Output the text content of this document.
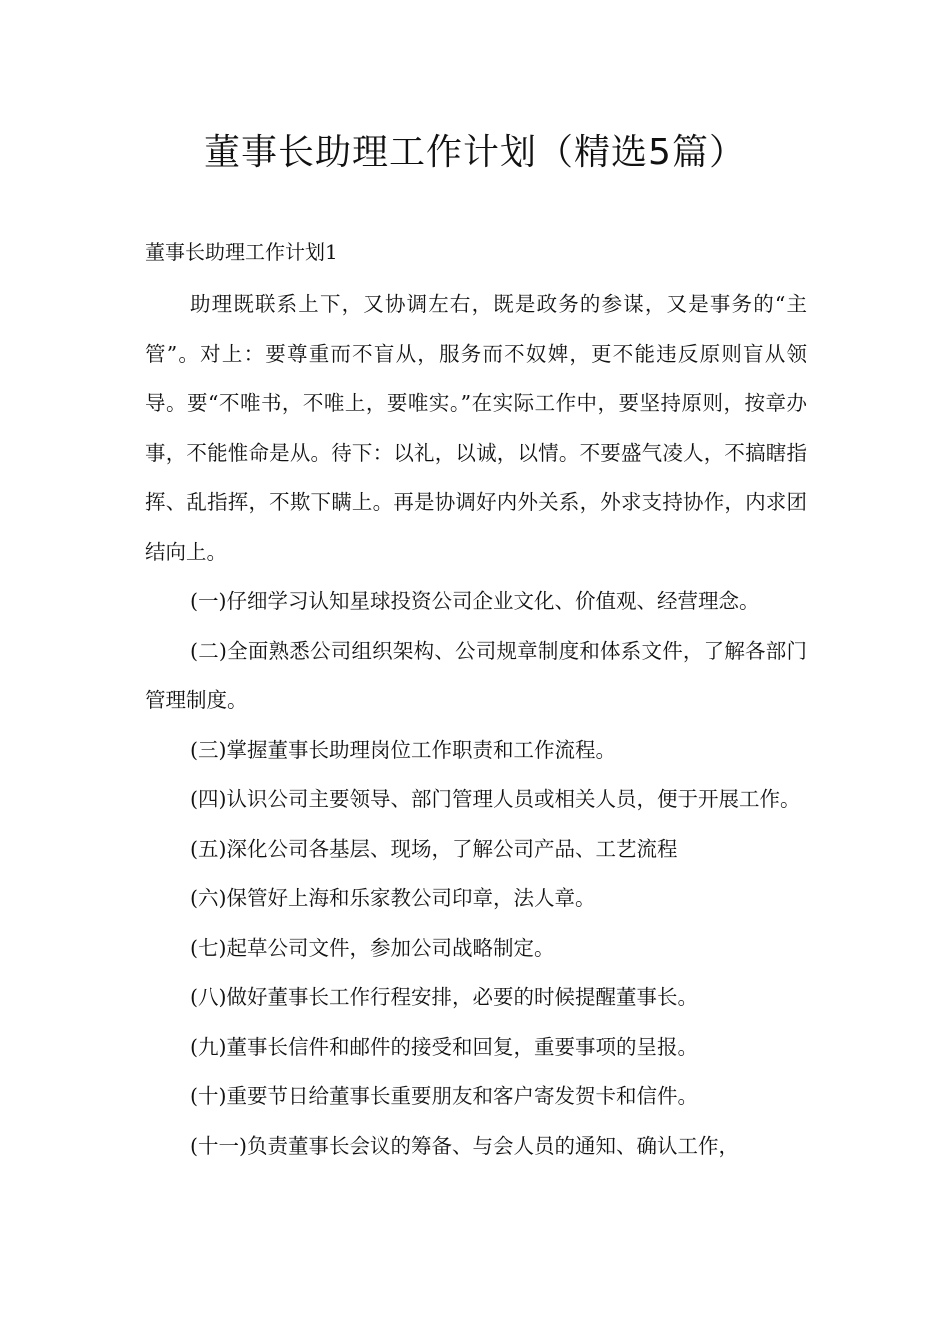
董事长助理工作计划（精选5篇）
董事长助理工作计划1

助理既联系上下，又协调左右，既是政务的参谋，又是事务的“主管”。对上：要尊重而不盲从，服务而不奴婢，更不能违反原则盲从领导。要“不唯书，不唯上，要唯实。”在实际工作中，要坚持原则，按章办事，不能惟命是从。待下：以礼，以诚，以情。不要盛气凌人，不搞瞎指挥、乱指挥，不欺下瞒上。再是协调好内外关系，外求支持协作，内求团结向上。

(一)仔细学习认知星球投资公司企业文化、价值观、经营理念。

(二)全面熟悉公司组织架构、公司规章制度和体系文件，了解各部门管理制度。

(三)掌握董事长助理岗位工作职责和工作流程。

(四)认识公司主要领导、部门管理人员或相关人员，便于开展工作。

(五)深化公司各基层、现场，了解公司产品、工艺流程

(六)保管好上海和乐家教公司印章，法人章。

(七)起草公司文件，参加公司战略制定。

(八)做好董事长工作行程安排，必要的时候提醒董事长。

(九)董事长信件和邮件的接受和回复，重要事项的呈报。

(十)重要节日给董事长重要朋友和客户寄发贺卡和信件。

(十一)负责董事长会议的筹备、与会人员的通知、确认工作，
